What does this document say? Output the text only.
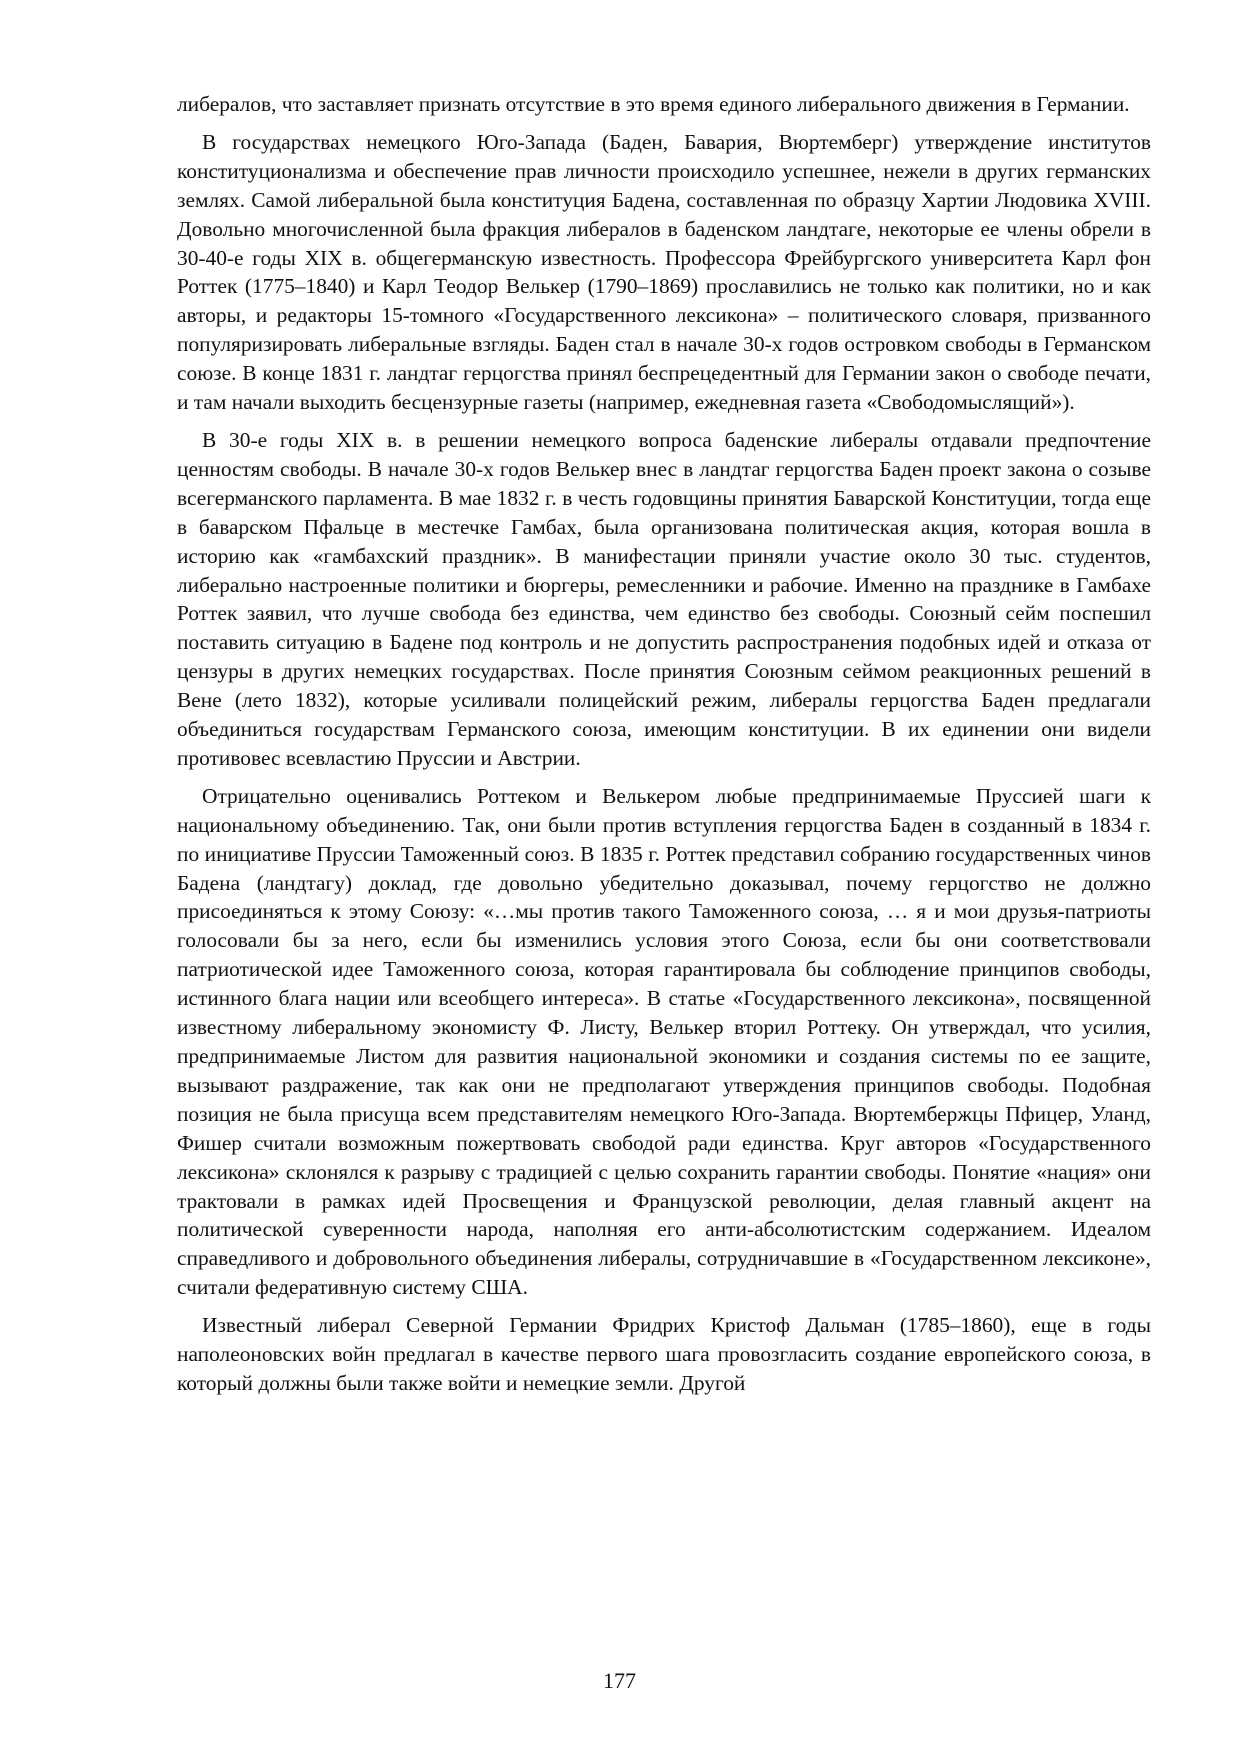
либералов, что заставляет признать отсутствие в это время единого либерального движения в Германии.

В государствах немецкого Юго-Запада (Баден, Бавария, Вюртемберг) утверждение институтов конституционализма и обеспечение прав личности происходило успешнее, нежели в других германских землях. Самой либеральной была конституция Бадена, составленная по образцу Хартии Людовика XVIII. Довольно многочисленной была фракция либералов в баденском ландтаге, некоторые ее члены обрели в 30-40-е годы XIX в. общегерманскую известность. Профессора Фрейбургского университета Карл фон Роттек (1775–1840) и Карл Теодор Велькер (1790–1869) прославились не только как политики, но и как авторы, и редакторы 15-томного «Государственного лексикона» – политического словаря, призванного популяризировать либеральные взгляды. Баден стал в начале 30-х годов островком свободы в Германском союзе. В конце 1831 г. ландтаг герцогства принял беспрецедентный для Германии закон о свободе печати, и там начали выходить бесцензурные газеты (например, ежедневная газета «Свободомыслящий»).

В 30-е годы XIX в. в решении немецкого вопроса баденские либералы отдавали предпочтение ценностям свободы. В начале 30-х годов Велькер внес в ландтаг герцогства Баден проект закона о созыве всегерманского парламента. В мае 1832 г. в честь годовщины принятия Баварской Конституции, тогда еще в баварском Пфальце в местечке Гамбах, была организована политическая акция, которая вошла в историю как «гамбахский праздник». В манифестации приняли участие около 30 тыс. студентов, либерально настроенные политики и бюргеры, ремесленники и рабочие. Именно на празднике в Гамбахе Роттек заявил, что лучше свобода без единства, чем единство без свободы. Союзный сейм поспешил поставить ситуацию в Бадене под контроль и не допустить распространения подобных идей и отказа от цензуры в других немецких государствах. После принятия Союзным сеймом реакционных решений в Вене (лето 1832), которые усиливали полицейский режим, либералы герцогства Баден предлагали объединиться государствам Германского союза, имеющим конституции. В их единении они видели противовес всевластию Пруссии и Австрии.

Отрицательно оценивались Роттеком и Велькером любые предпринимаемые Пруссией шаги к национальному объединению. Так, они были против вступления герцогства Баден в созданный в 1834 г. по инициативе Пруссии Таможенный союз. В 1835 г. Роттек представил собранию государственных чинов Бадена (ландтагу) доклад, где довольно убедительно доказывал, почему герцогство не должно присоединяться к этому Союзу: «…мы против такого Таможенного союза, … я и мои друзья-патриоты голосовали бы за него, если бы изменились условия этого Союза, если бы они соответствовали патриотической идее Таможенного союза, которая гарантировала бы соблюдение принципов свободы, истинного блага нации или всеобщего интереса». В статье «Государственного лексикона», посвященной известному либеральному экономисту Ф. Листу, Велькер вторил Роттеку. Он утверждал, что усилия, предпринимаемые Листом для развития национальной экономики и создания системы по ее защите, вызывают раздражение, так как они не предполагают утверждения принципов свободы. Подобная позиция не была присуща всем представителям немецкого Юго-Запада. Вюртембержцы Пфицер, Уланд, Фишер считали возможным пожертвовать свободой ради единства. Круг авторов «Государственного лексикона» склонялся к разрыву с традицией с целью сохранить гарантии свободы. Понятие «нация» они трактовали в рамках идей Просвещения и Французской революции, делая главный акцент на политической суверенности народа, наполняя его анти-абсолютистским содержанием. Идеалом справедливого и добровольного объединения либералы, сотрудничавшие в «Государственном лексиконе», считали федеративную систему США.

Известный либерал Северной Германии Фридрих Кристоф Дальман (1785–1860), еще в годы наполеоновских войн предлагал в качестве первого шага провозгласить создание европейского союза, в который должны были также войти и немецкие земли. Другой

177
